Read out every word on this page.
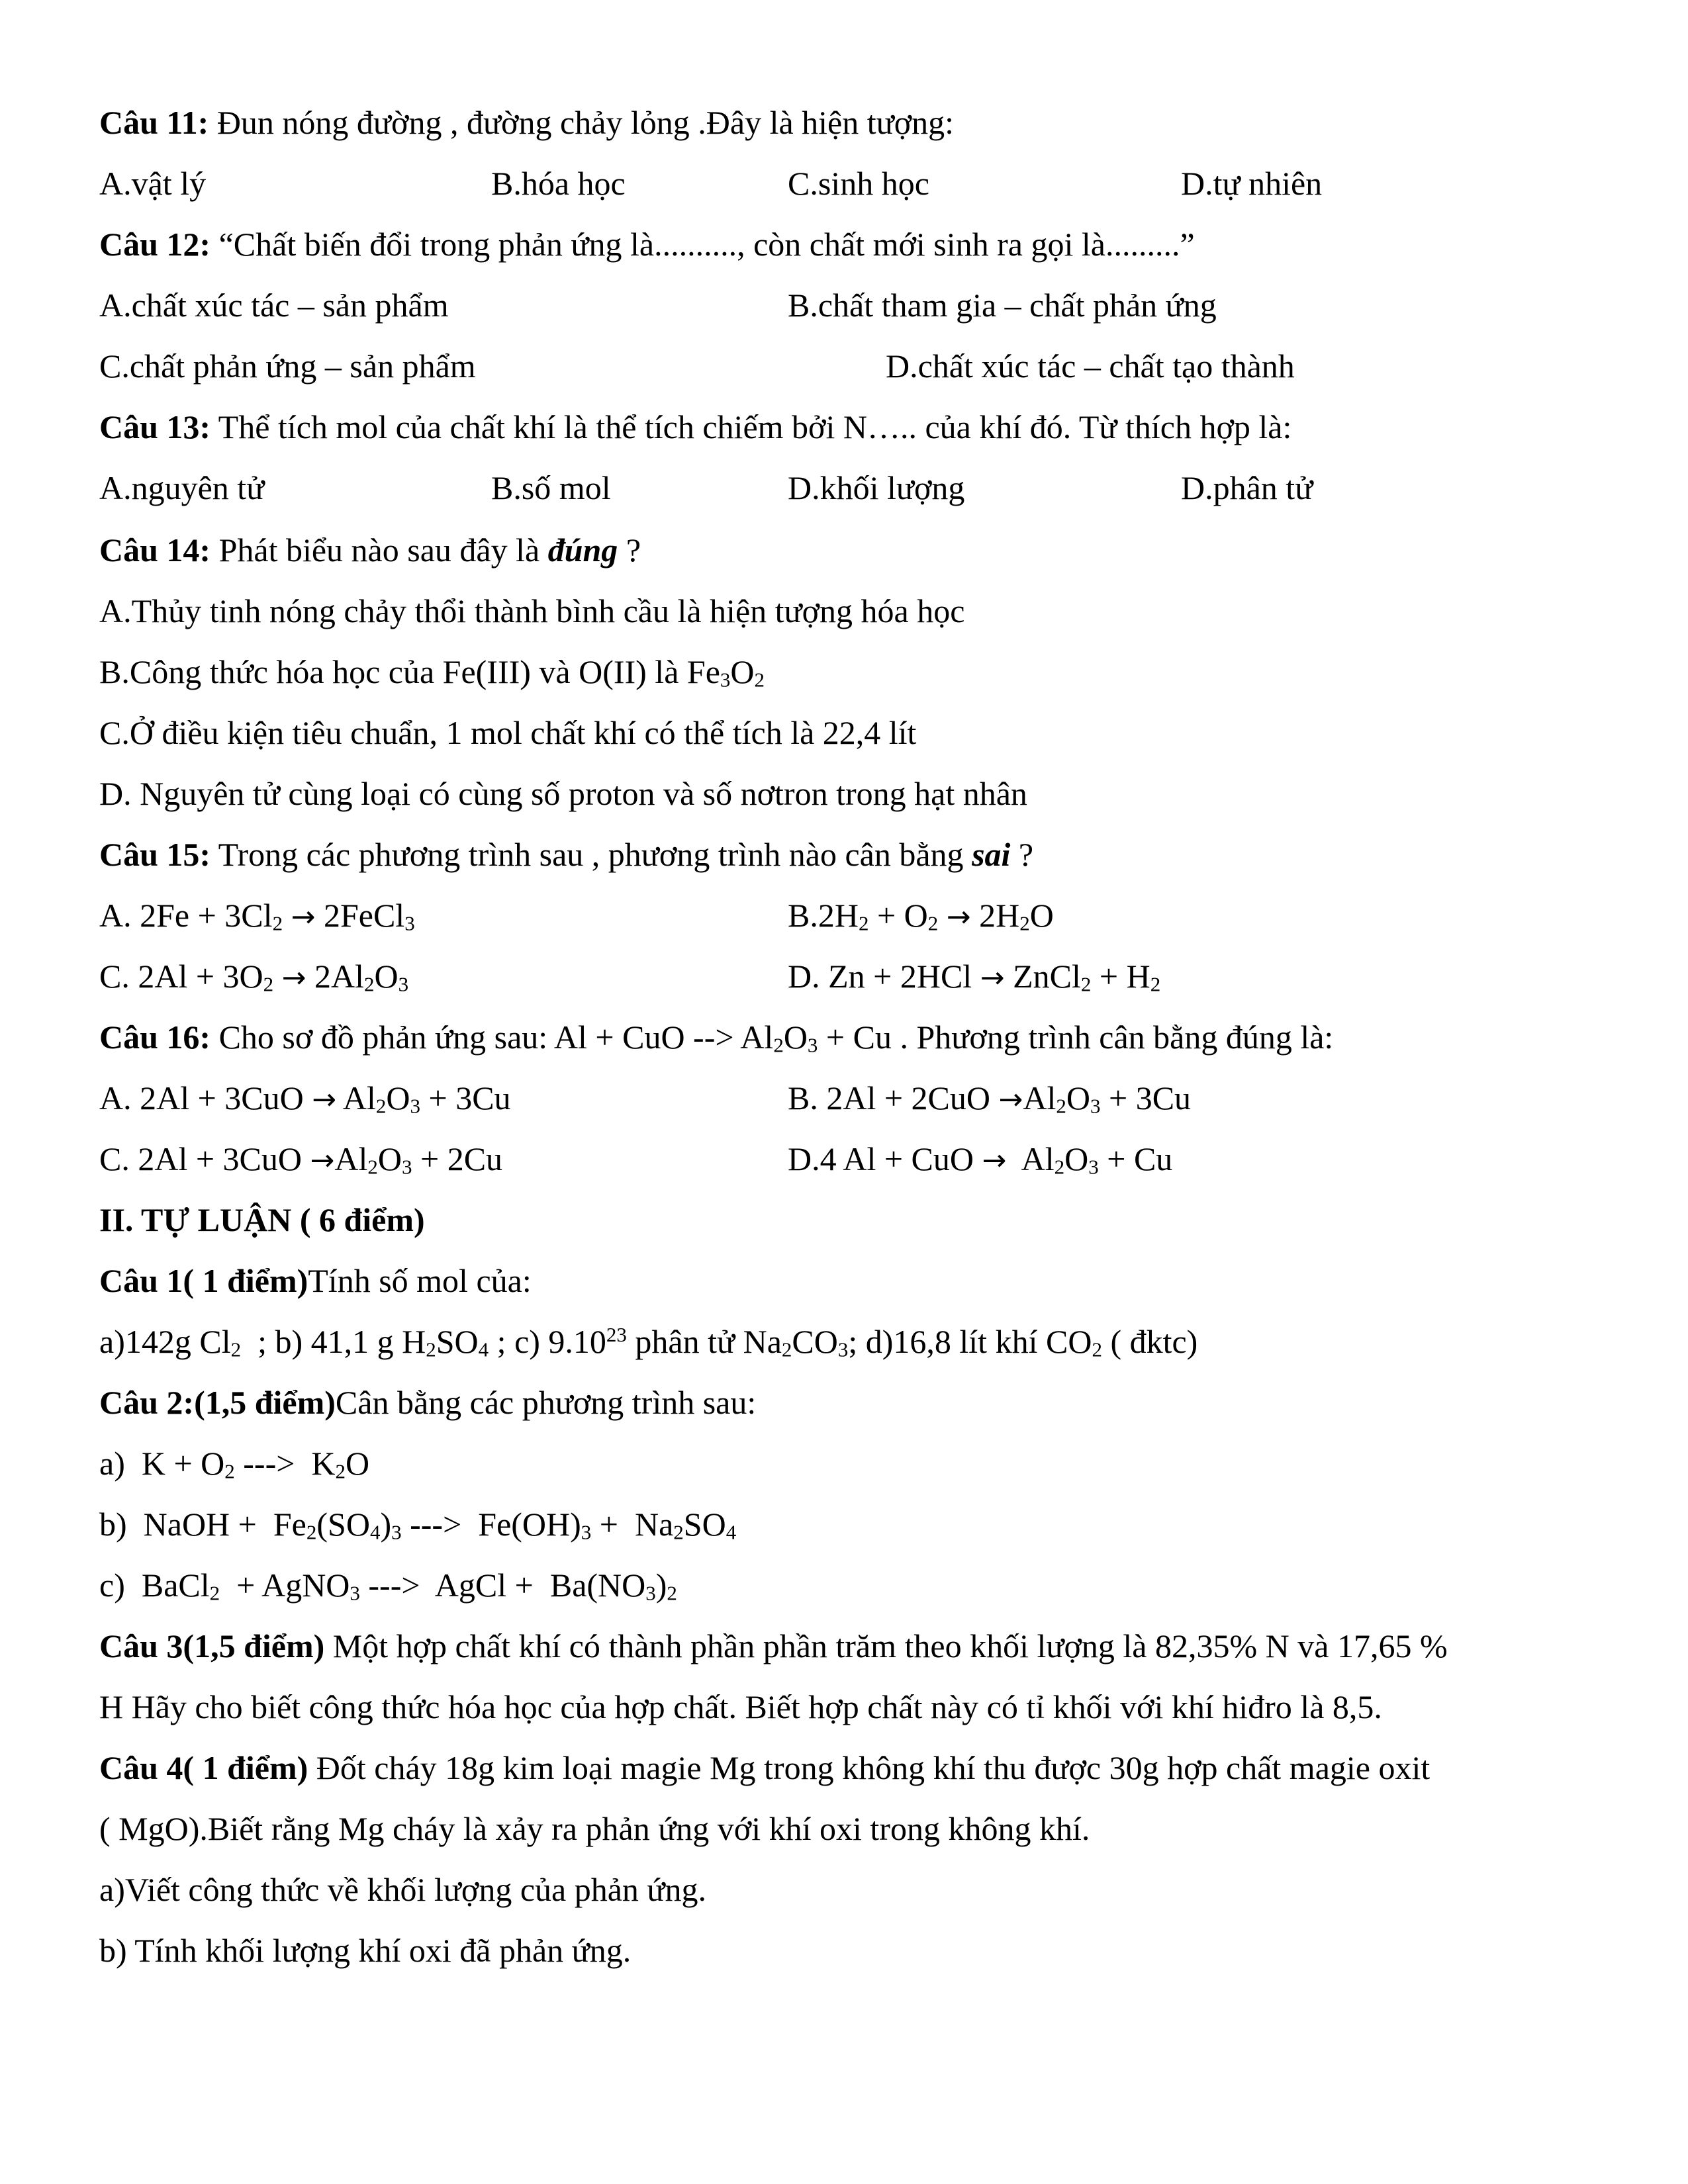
Câu 11: Đun nóng đường , đường chảy lỏng .Đây là hiện tượng:
A.vật lý	B.hóa học	C.sinh học	D.tự nhiên
Câu 12: “Chất biến đổi trong phản ứng là.........., còn chất mới sinh ra gọi là.........”
A.chất xúc tác – sản phẩm	B.chất tham gia – chất phản ứng
C.chất phản ứng – sản phẩm	D.chất xúc tác – chất tạo thành
Câu 13: Thể tích mol của chất khí là thể tích chiếm bởi N….. của khí đó. Từ thích hợp là:
A.nguyên tử	B.số mol	D.khối lượng	D.phân tử
Câu 14: Phát biểu nào sau đây là đúng ?
A.Thủy tinh nóng chảy thổi thành bình cầu là hiện tượng hóa học
B.Công thức hóa học của Fe(III) và O(II) là $Fe_3O_2$
C.Ở điều kiện tiêu chuẩn, 1 mol chất khí có thể tích là 22,4 lít
D. Nguyên tử cùng loại có cùng số proton và số nơtron trong hạt nhân
Câu 15: Trong các phương trình sau , phương trình nào cân bằng sai ?
A. $2Fe + 3Cl_2$ → 2FeCl$_3$	$B.2H_2 + O_2 \to 2H_2O$
C. $2Al + 3O_2 \to 2Al_2O_3$	D. Zn + 2HCl → ZnCl$_2$ + $H_2$
Câu 16: Cho sơ đồ phản ứng sau: Al + CuO --> $Al_2O_3 + Cu$ . Phương trình cân bằng đúng là:
A. $2Al + 3CuO \to Al_2O_3 + 3Cu$	B. $2Al + 2CuO \to Al_2O_3 + 3Cu$
C. $2Al + 3CuO \to Al_2O_3 + 2Cu$	D.4 Al + CuO →  $Al_2O_3 + Cu$
II. TỰ LUẬN ( 6 điểm)
Câu 1( 1 điểm)Tính số mol của:
a)142g $Cl_2$  ; b) 41,1 g $H_2SO_4$ ; c) 9.10$^{23}$ phân tử $Na_2CO_3$; d)16,8 lít khí $CO_2$ ( đktc)
Câu 2:(1,5 điểm)Cân bằng các phương trình sau:
a)  $K + O_2$ --->  $K_2O$
b)  NaOH +  $Fe_2(SO_4)_3$ --->  $Fe(OH)_3 + Na_2SO_4$
c)  BaCl$_2$  + AgNO$_3$ --->  AgCl +  $Ba(NO_3)_2$
Câu 3(1,5 điểm) Một hợp chất khí có thành phần phần trăm theo khối lượng là 82,35% N và 17,65 %
H Hãy cho biết công thức hóa học của hợp chất. Biết hợp chất này có tỉ khối với khí hiđro là 8,5.
Câu 4( 1 điểm) Đốt cháy 18g kim loại magie Mg trong không khí thu được 30g hợp chất magie oxit
( MgO).Biết rằng Mg cháy là xảy ra phản ứng với khí oxi trong không khí.
a)Viết công thức về khối lượng của phản ứng.
b) Tính khối lượng khí oxi đã phản ứng.
